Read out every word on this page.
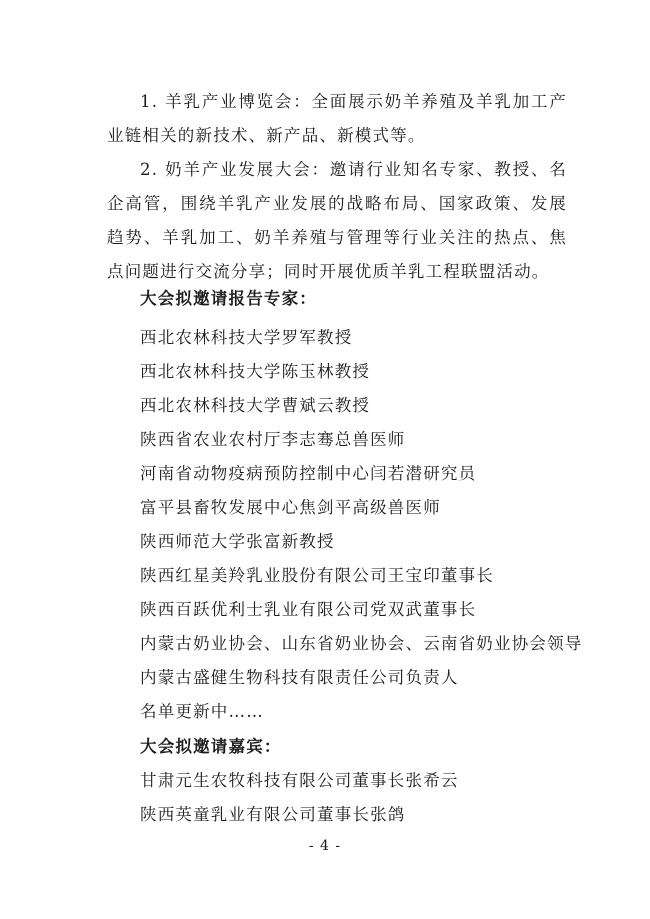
1. 羊乳产业博览会：全面展示奶羊养殖及羊乳加工产业链相关的新技术、新产品、新模式等。

2. 奶羊产业发展大会：邀请行业知名专家、教授、名企高管，围绕羊乳产业发展的战略布局、国家政策、发展趋势、羊乳加工、奶羊养殖与管理等行业关注的热点、焦点问题进行交流分享；同时开展优质羊乳工程联盟活动。

大会拟邀请报告专家：
西北农林科技大学罗军教授
西北农林科技大学陈玉林教授
西北农林科技大学曹斌云教授
陕西省农业农村厅李志骞总兽医师
河南省动物疫病预防控制中心闫若潜研究员
富平县畜牧发展中心焦剑平高级兽医师
陕西师范大学张富新教授
陕西红星美羚乳业股份有限公司王宝印董事长
陕西百跃优利士乳业有限公司党双武董事长
内蒙古奶业协会、山东省奶业协会、云南省奶业协会领导
内蒙古盛健生物科技有限责任公司负责人
名单更新中……
大会拟邀请嘉宾：
甘肃元生农牧科技有限公司董事长张希云
陕西英童乳业有限公司董事长张鸽
- 4 -
